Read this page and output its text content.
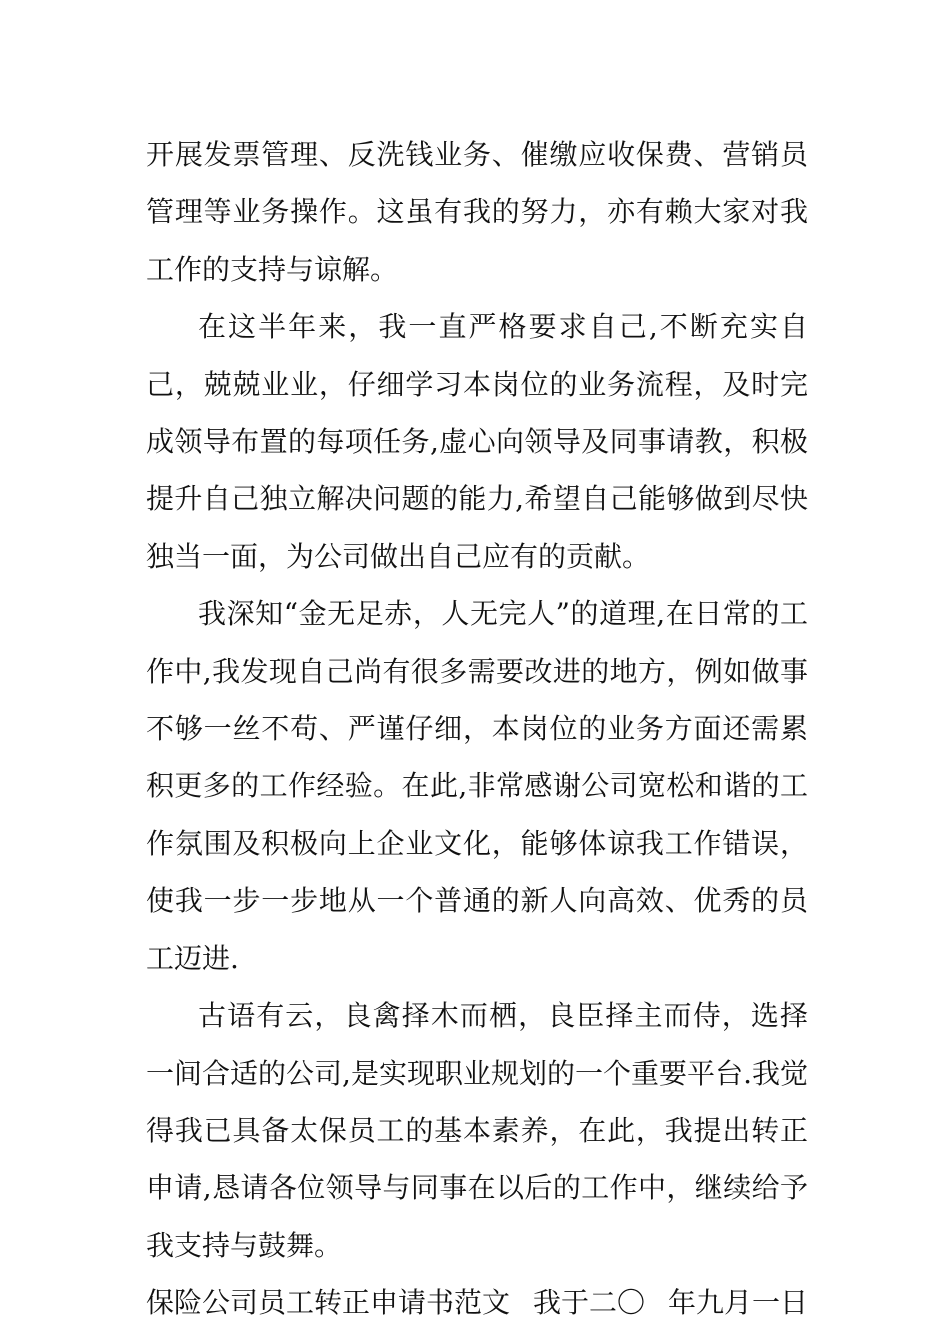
开展发票管理、反洗钱业务、催缴应收保费、营销员管理等业务操作。这虽有我的努力，亦有赖大家对我工作的支持与谅解。

在这半年来，我一直严格要求自己,不断充实自己，兢兢业业，仔细学习本岗位的业务流程，及时完成领导布置的每项任务,虚心向领导及同事请教，积极提升自己独立解决问题的能力,希望自己能够做到尽快独当一面，为公司做出自己应有的贡献。

我深知“金无足赤，人无完人”的道理,在日常的工作中,我发现自己尚有很多需要改进的地方，例如做事不够一丝不苟、严谨仔细，本岗位的业务方面还需累积更多的工作经验。在此,非常感谢公司宽松和谐的工作氛围及积极向上企业文化，能够体谅我工作错误，使我一步一步地从一个普通的新人向高效、优秀的员工迈进.

古语有云，良禽择木而栖，良臣择主而侍，选择一间合适的公司,是实现职业规划的一个重要平台.我觉得我已具备太保员工的基本素养，在此，我提出转正申请,恳请各位领导与同事在以后的工作中，继续给予我支持与鼓舞。

保险公司员工转正申请书范文 我于二〇 年九月一日
